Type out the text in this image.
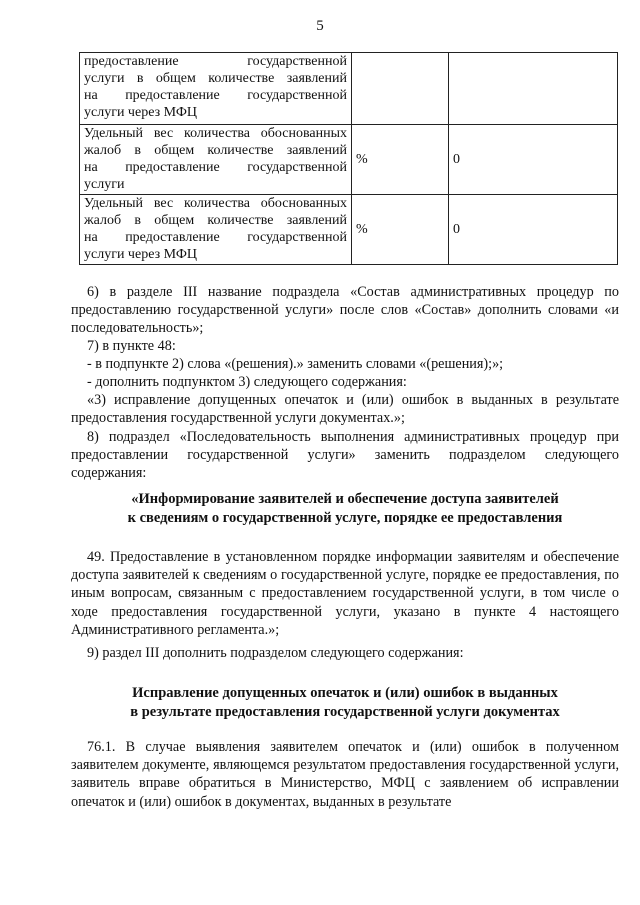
5
предоставление государственной
услуги в общем количестве заявлений
на предоставление государственной
услуги через МФЦ		

Удельный вес количества обоснованных
жалоб в общем количестве заявлений
на предоставление государственной
услуги	%	0

Удельный вес количества обоснованных
жалоб в общем количестве заявлений
на предоставление государственной
услуги через МФЦ	%	0

6) в разделе III название подраздела «Состав административных процедур по предоставлению государственной услуги» после слов «Состав» дополнить словами «и последовательность»;

7) в пункте 48:

- в подпункте 2) слова «(решения).» заменить словами «(решения);»;

- дополнить подпунктом 3) следующего содержания:

«3) исправление допущенных опечаток и (или) ошибок в выданных в результате предоставления государственной услуги документах.»;

8) подраздел «Последовательность выполнения административных процедур при предоставлении государственной услуги» заменить подразделом следующего содержания:

«Информирование заявителей и обеспечение доступа заявителей

к сведениям о государственной услуге, порядке ее предоставления

49. Предоставление в установленном порядке информации заявителям и обеспечение доступа заявителей к сведениям о государственной услуге, порядке ее предоставления, по иным вопросам, связанным с предоставлением государственной услуги, в том числе о ходе предоставления государственной услуги, указано в пункте 4 настоящего Административного регламента.»;

9) раздел III дополнить подразделом следующего содержания:

Исправление допущенных опечаток и (или) ошибок в выданных

в результате предоставления государственной услуги документах

76.1. В случае выявления заявителем опечаток и (или) ошибок в полученном заявителем документе, являющемся результатом предоставления государственной услуги, заявитель вправе обратиться в Министерство, МФЦ с заявлением об исправлении опечаток и (или) ошибок в документах, выданных в результате
